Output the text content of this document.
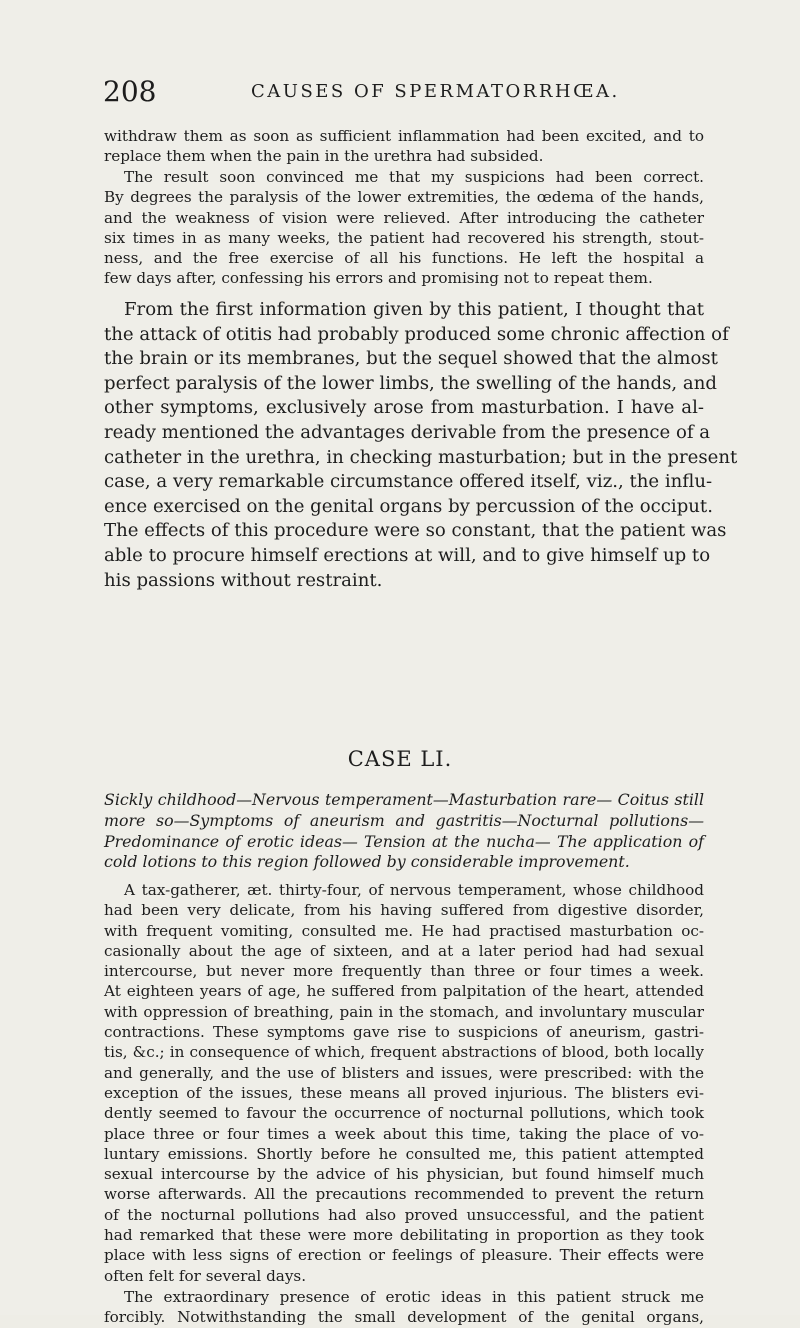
208	CAUSES OF SPERMATORRHŒA.
withdraw them as soon as sufficient inflammation had been excited, and to
replace them when the pain in the urethra had subsided.
The result soon convinced me that my suspicions had been correct.
By degrees the paralysis of the lower extremities, the œdema of the hands,
and the weakness of vision were relieved. After introducing the catheter
six times in as many weeks, the patient had recovered his strength, stout-
ness, and the free exercise of all his functions. He left the hospital a
few days after, confessing his errors and promising not to repeat them.
From the first information given by this patient, I thought that
the attack of otitis had probably produced some chronic affection of
the brain or its membranes, but the sequel showed that the almost
perfect paralysis of the lower limbs, the swelling of the hands, and
other symptoms, exclusively arose from masturbation. I have al-
ready mentioned the advantages derivable from the presence of a
catheter in the urethra, in checking masturbation; but in the present
case, a very remarkable circumstance offered itself, viz., the influ-
ence exercised on the genital organs by percussion of the occiput.
The effects of this procedure were so constant, that the patient was
able to procure himself erections at will, and to give himself up to
his passions without restraint.
CASE LI.
Sickly childhood—Nervous temperament—Masturbation rare— Coitus still
more so—Symptoms of aneurism and gastritis—Nocturnal pollutions—
Predominance of erotic ideas— Tension at the nucha— The application of
cold lotions to this region followed by considerable improvement.
A tax-gatherer, æt. thirty-four, of nervous temperament, whose childhood
had been very delicate, from his having suffered from digestive disorder,
with frequent vomiting, consulted me. He had practised masturbation oc-
casionally about the age of sixteen, and at a later period had had sexual
intercourse, but never more frequently than three or four times a week.
At eighteen years of age, he suffered from palpitation of the heart, attended
with oppression of breathing, pain in the stomach, and involuntary muscular
contractions. These symptoms gave rise to suspicions of aneurism, gastri-
tis, &c.; in consequence of which, frequent abstractions of blood, both locally
and generally, and the use of blisters and issues, were prescribed: with the
exception of the issues, these means all proved injurious. The blisters evi-
dently seemed to favour the occurrence of nocturnal pollutions, which took
place three or four times a week about this time, taking the place of vo-
luntary emissions. Shortly before he consulted me, this patient attempted
sexual intercourse by the advice of his physician, but found himself much
worse afterwards. All the precautions recommended to prevent the return
of the nocturnal pollutions had also proved unsuccessful, and the patient
had remarked that these were more debilitating in proportion as they took
place with less signs of erection or feelings of pleasure. Their effects were
often felt for several days.
The extraordinary presence of erotic ideas in this patient struck me
forcibly. Notwithstanding the small development of the genital organs,
